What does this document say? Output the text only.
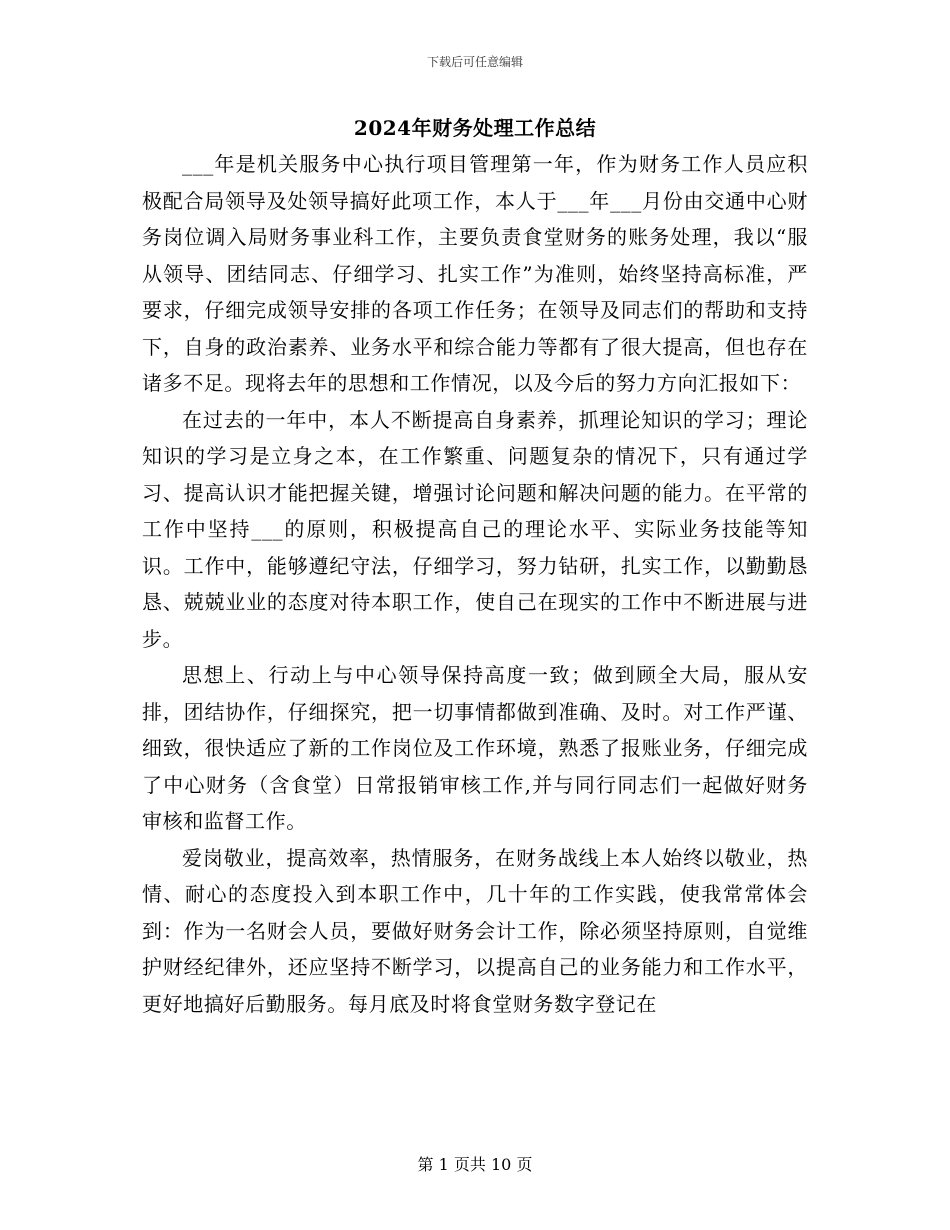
下载后可任意编辑
2024年财务处理工作总结

___年是机关服务中心执行项目管理第一年，作为财务工作人员应积极配合局领导及处领导搞好此项工作，本人于___年___月份由交通中心财务岗位调入局财务事业科工作，主要负责食堂财务的账务处理，我以“服从领导、团结同志、仔细学习、扎实工作”为准则，始终坚持高标准，严要求，仔细完成领导安排的各项工作任务；在领导及同志们的帮助和支持下，自身的政治素养、业务水平和综合能力等都有了很大提高，但也存在诸多不足。现将去年的思想和工作情况，以及今后的努力方向汇报如下：

在过去的一年中，本人不断提高自身素养，抓理论知识的学习；理论知识的学习是立身之本，在工作繁重、问题复杂的情况下，只有通过学习、提高认识才能把握关键，增强讨论问题和解决问题的能力。在平常的工作中坚持___的原则，积极提高自己的理论水平、实际业务技能等知识。工作中，能够遵纪守法，仔细学习，努力钻研，扎实工作，以勤勤恳恳、兢兢业业的态度对待本职工作，使自己在现实的工作中不断进展与进步。

思想上、行动上与中心领导保持高度一致；做到顾全大局，服从安排，团结协作，仔细探究，把一切事情都做到准确、及时。对工作严谨、细致，很快适应了新的工作岗位及工作环境，熟悉了报账业务，仔细完成了中心财务（含食堂）日常报销审核工作,并与同行同志们一起做好财务审核和监督工作。

爱岗敬业，提高效率，热情服务，在财务战线上本人始终以敬业，热情、耐心的态度投入到本职工作中，几十年的工作实践，使我常常体会到：作为一名财会人员，要做好财务会计工作，除必须坚持原则，自觉维护财经纪律外，还应坚持不断学习，以提高自己的业务能力和工作水平，更好地搞好后勤服务。每月底及时将食堂财务数字登记在

第 1 页共 10 页
